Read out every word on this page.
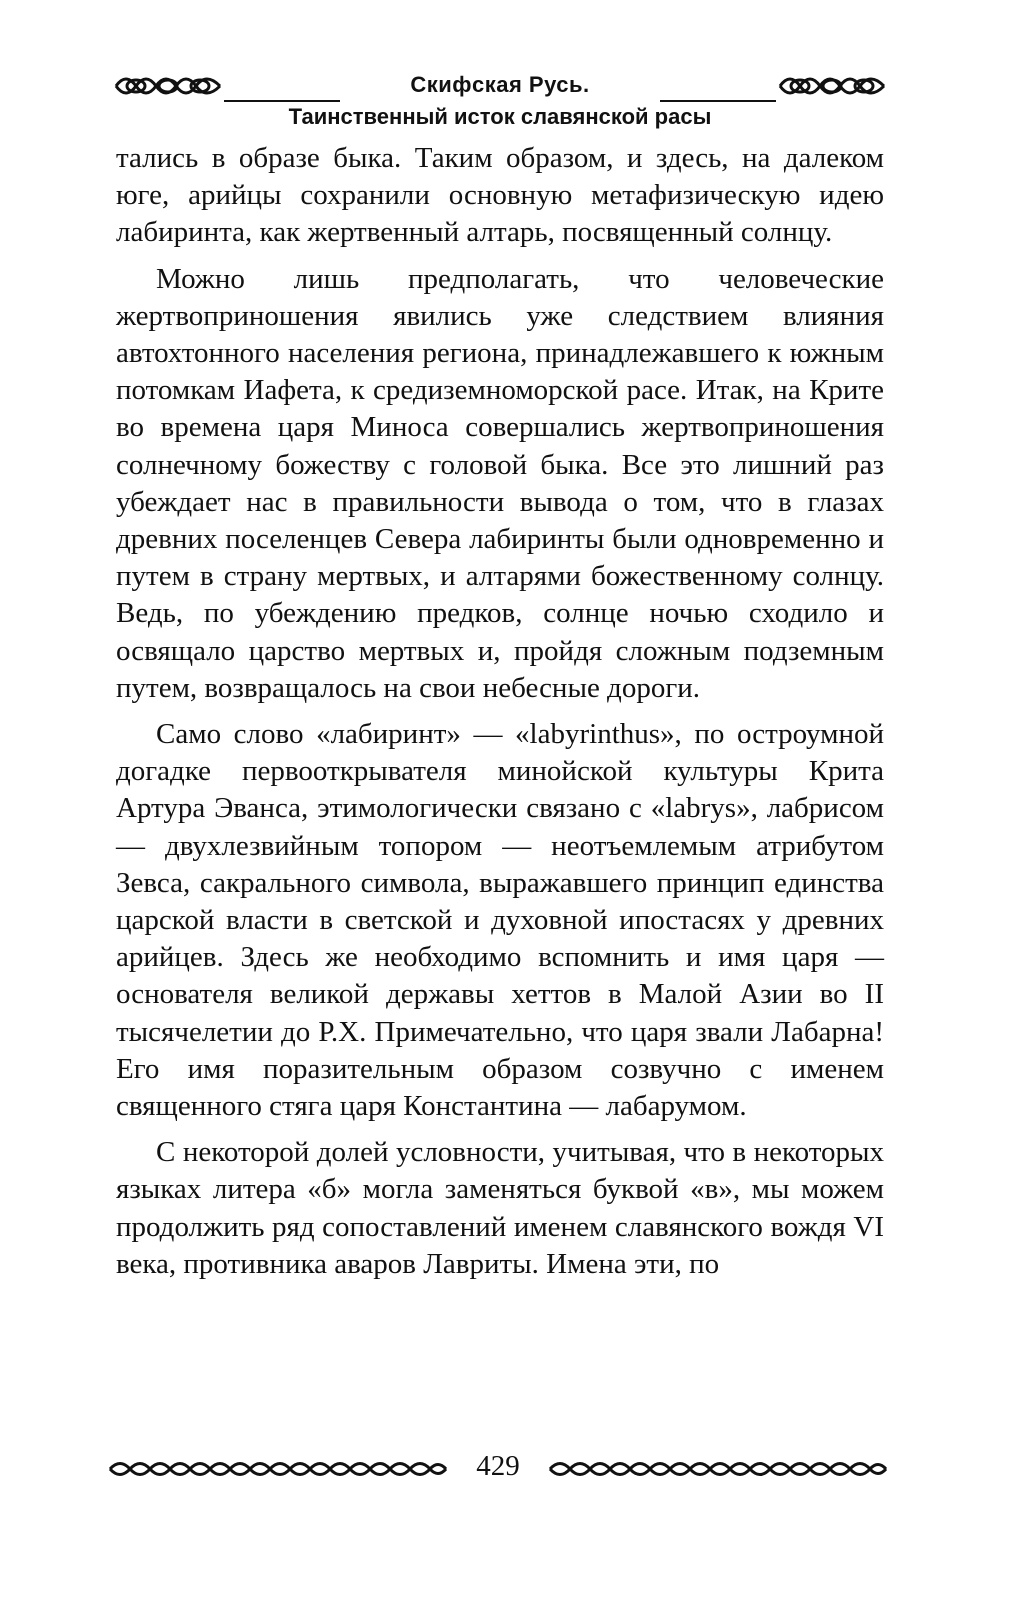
Скифская Русь.
Таинственный исток славянской расы

тались в образе быка. Таким образом, и здесь, на далеком юге, арийцы сохранили основную метафизическую идею лабиринта, как жертвенный алтарь, посвященный солнцу.

Можно лишь предполагать, что человеческие жертвоприношения явились уже следствием влияния автохтонного населения региона, принадлежавшего к южным потомкам Иафета, к средиземноморской расе. Итак, на Крите во времена царя Миноса совершались жертвоприношения солнечному божеству с головой быка. Все это лишний раз убеждает нас в правильности вывода о том, что в глазах древних поселенцев Севера лабиринты были одновременно и путем в страну мертвых, и алтарями божественному солнцу. Ведь, по убеждению предков, солнце ночью сходило и освящало царство мертвых и, пройдя сложным подземным путем, возвращалось на свои небесные дороги.

Само слово «лабиринт» — «labyrinthus», по остроумной догадке первооткрывателя минойской культуры Крита Артура Эванса, этимологически связано с «labrys», лабрисом — двухлезвийным топором — неотъемлемым атрибутом Зевса, сакрального символа, выражавшего принцип единства царской власти в светской и духовной ипостасях у древних арийцев. Здесь же необходимо вспомнить и имя царя — основателя великой державы хеттов в Малой Азии во II тысячелетии до Р.Х. Примечательно, что царя звали Лабарна! Его имя поразительным образом созвучно с именем священного стяга царя Константина — лабарумом.

С некоторой долей условности, учитывая, что в некоторых языках литера «б» могла заменяться буквой «в», мы можем продолжить ряд сопоставлений именем славянского вождя VI века, противника аваров Лавриты. Имена эти, по

429
